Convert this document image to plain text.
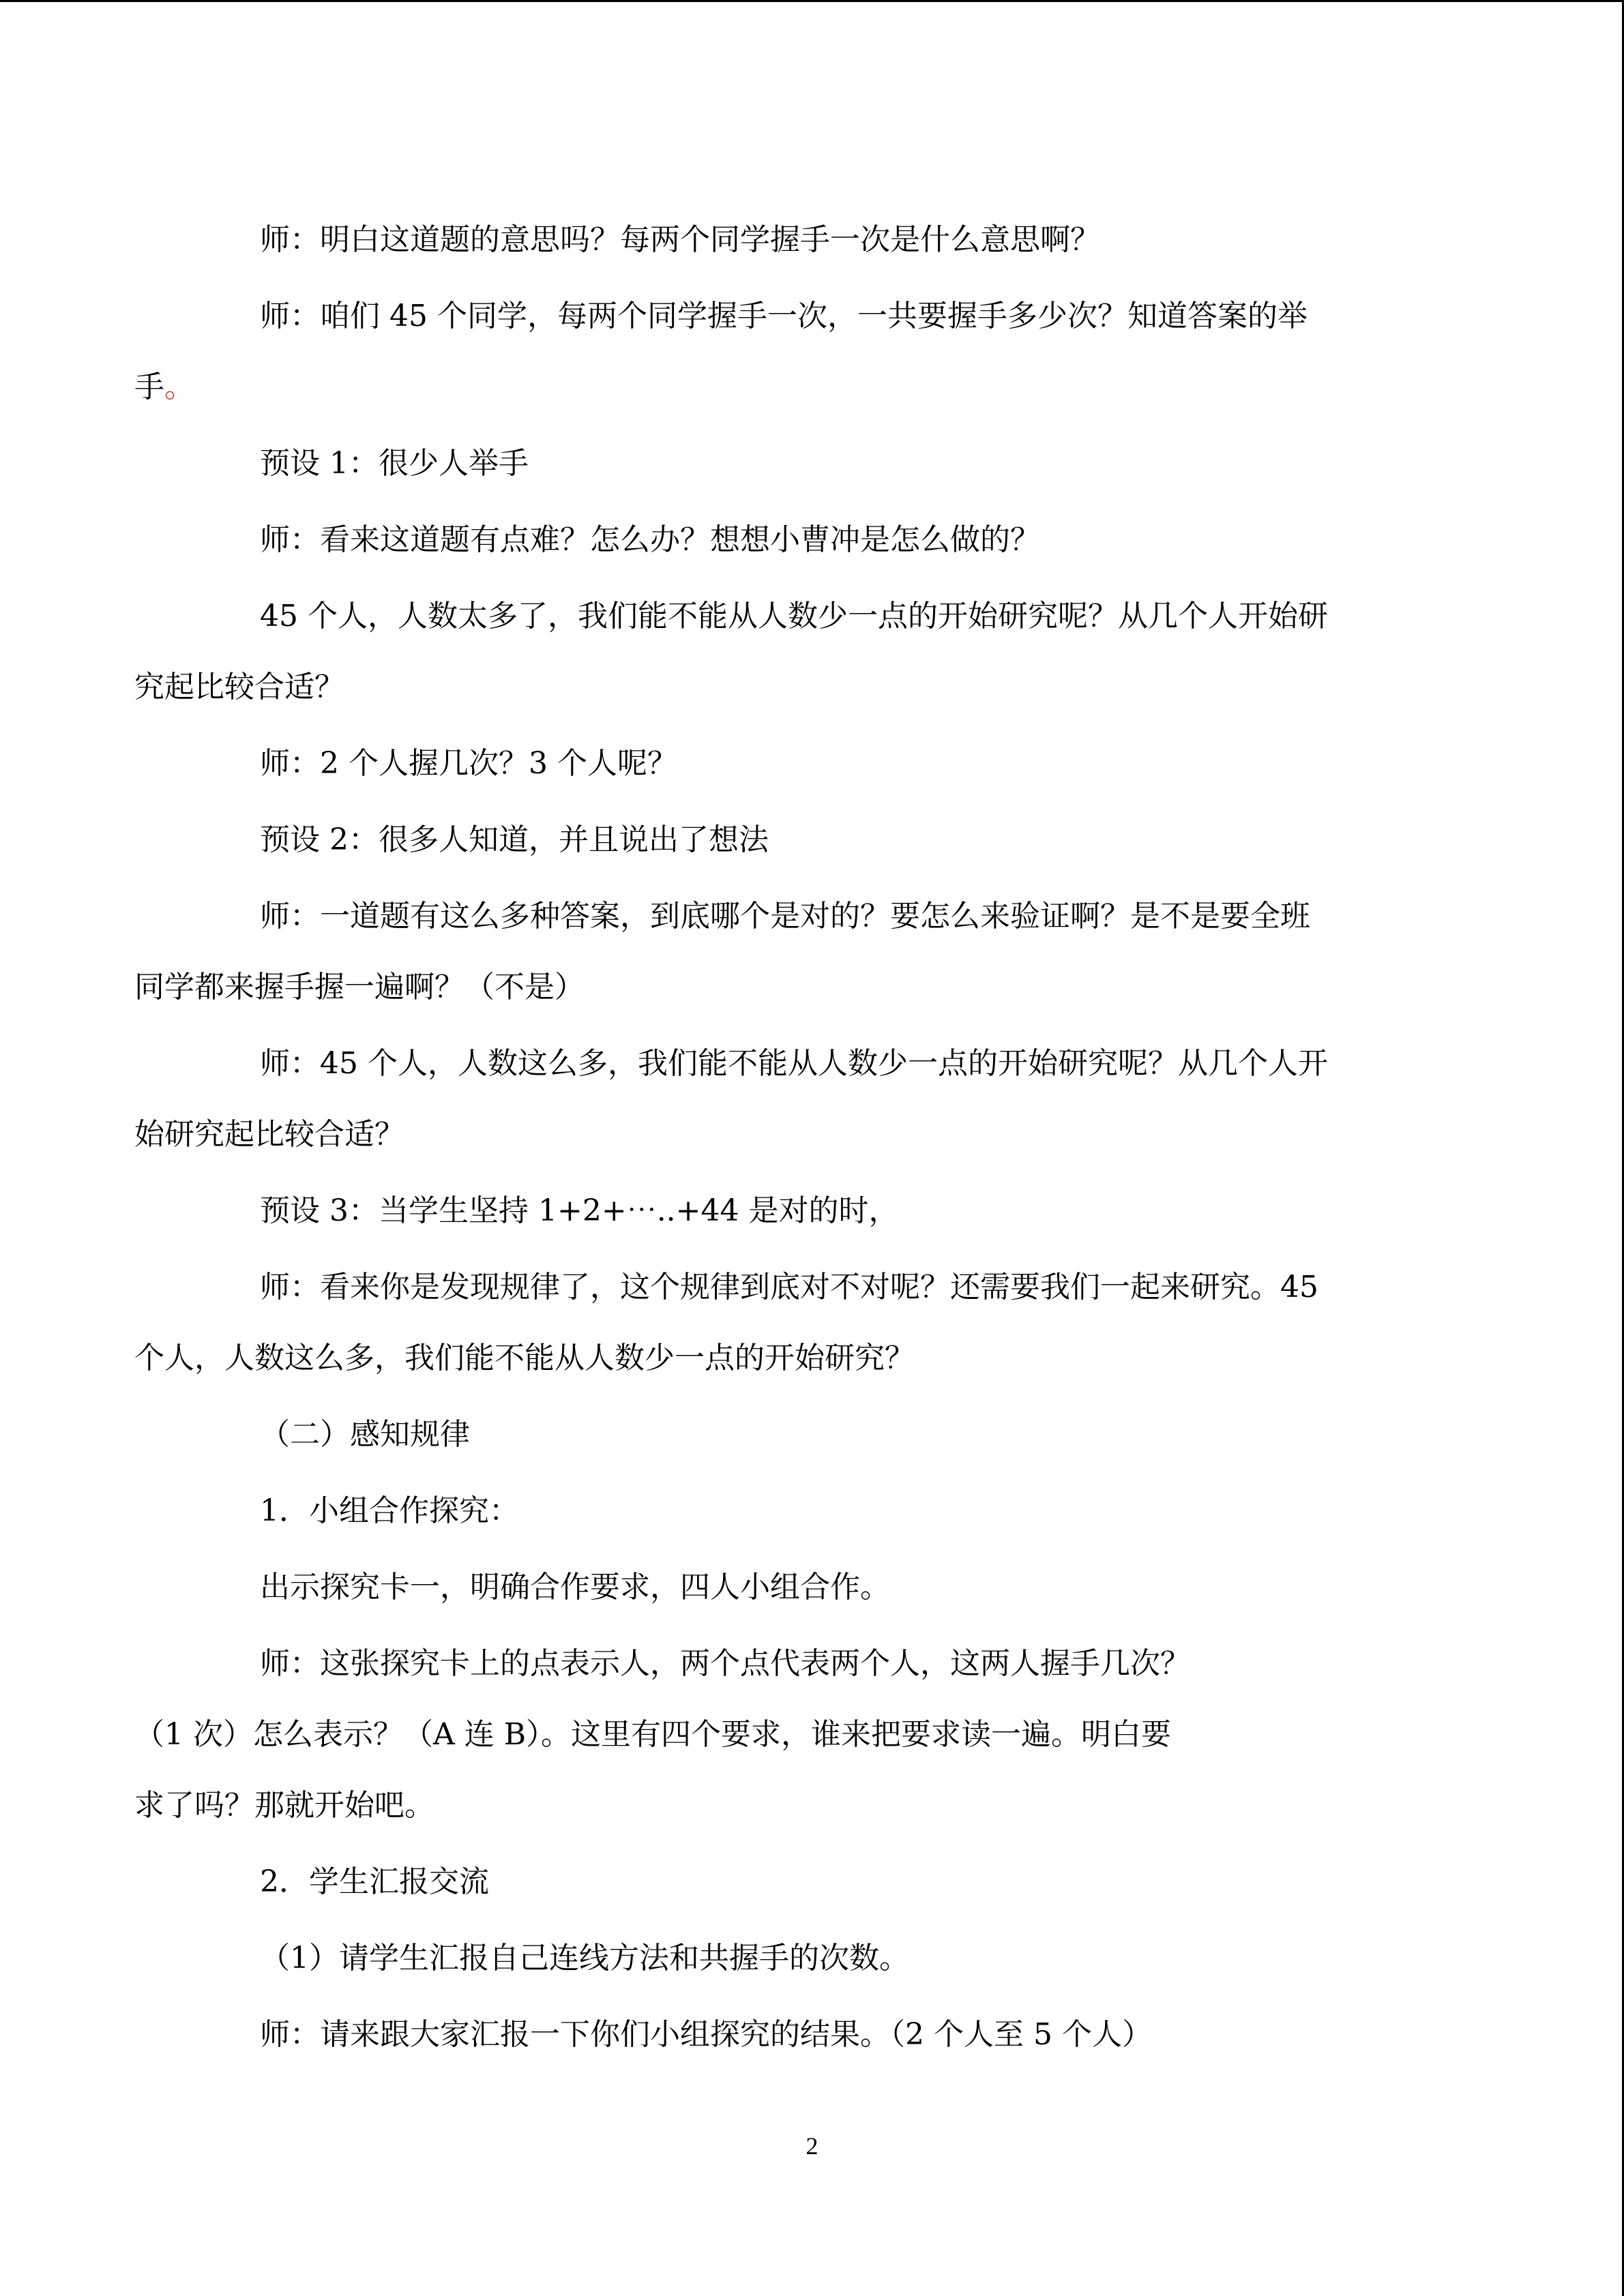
师：明白这道题的意思吗？每两个同学握手一次是什么意思啊？

师：咱们 45 个同学，每两个同学握手一次，一共要握手多少次？知道答案的举
手。

预设 1：很少人举手

师：看来这道题有点难？怎么办？想想小曹冲是怎么做的？

45 个人，人数太多了，我们能不能从人数少一点的开始研究呢？从几个人开始研
究起比较合适？

师：2 个人握几次？3 个人呢？

预设 2：很多人知道，并且说出了想法

师：一道题有这么多种答案，到底哪个是对的？要怎么来验证啊？是不是要全班
同学都来握手握一遍啊？（不是）

师：45 个人，人数这么多，我们能不能从人数少一点的开始研究呢？从几个人开
始研究起比较合适？

预设 3：当学生坚持 1+2+⋯..+44 是对的时，

师：看来你是发现规律了，这个规律到底对不对呢？还需要我们一起来研究。45
个人，人数这么多，我们能不能从人数少一点的开始研究？

（二）感知规律

1．小组合作探究：

出示探究卡一，明确合作要求，四人小组合作。

师：这张探究卡上的点表示人，两个点代表两个人，这两人握手几次？
（1 次）怎么表示？（A 连 B）。这里有四个要求，谁来把要求读一遍。明白要
求了吗？那就开始吧。

2．学生汇报交流

（1）请学生汇报自己连线方法和共握手的次数。

师：请来跟大家汇报一下你们小组探究的结果。（2 个人至 5 个人）

2
